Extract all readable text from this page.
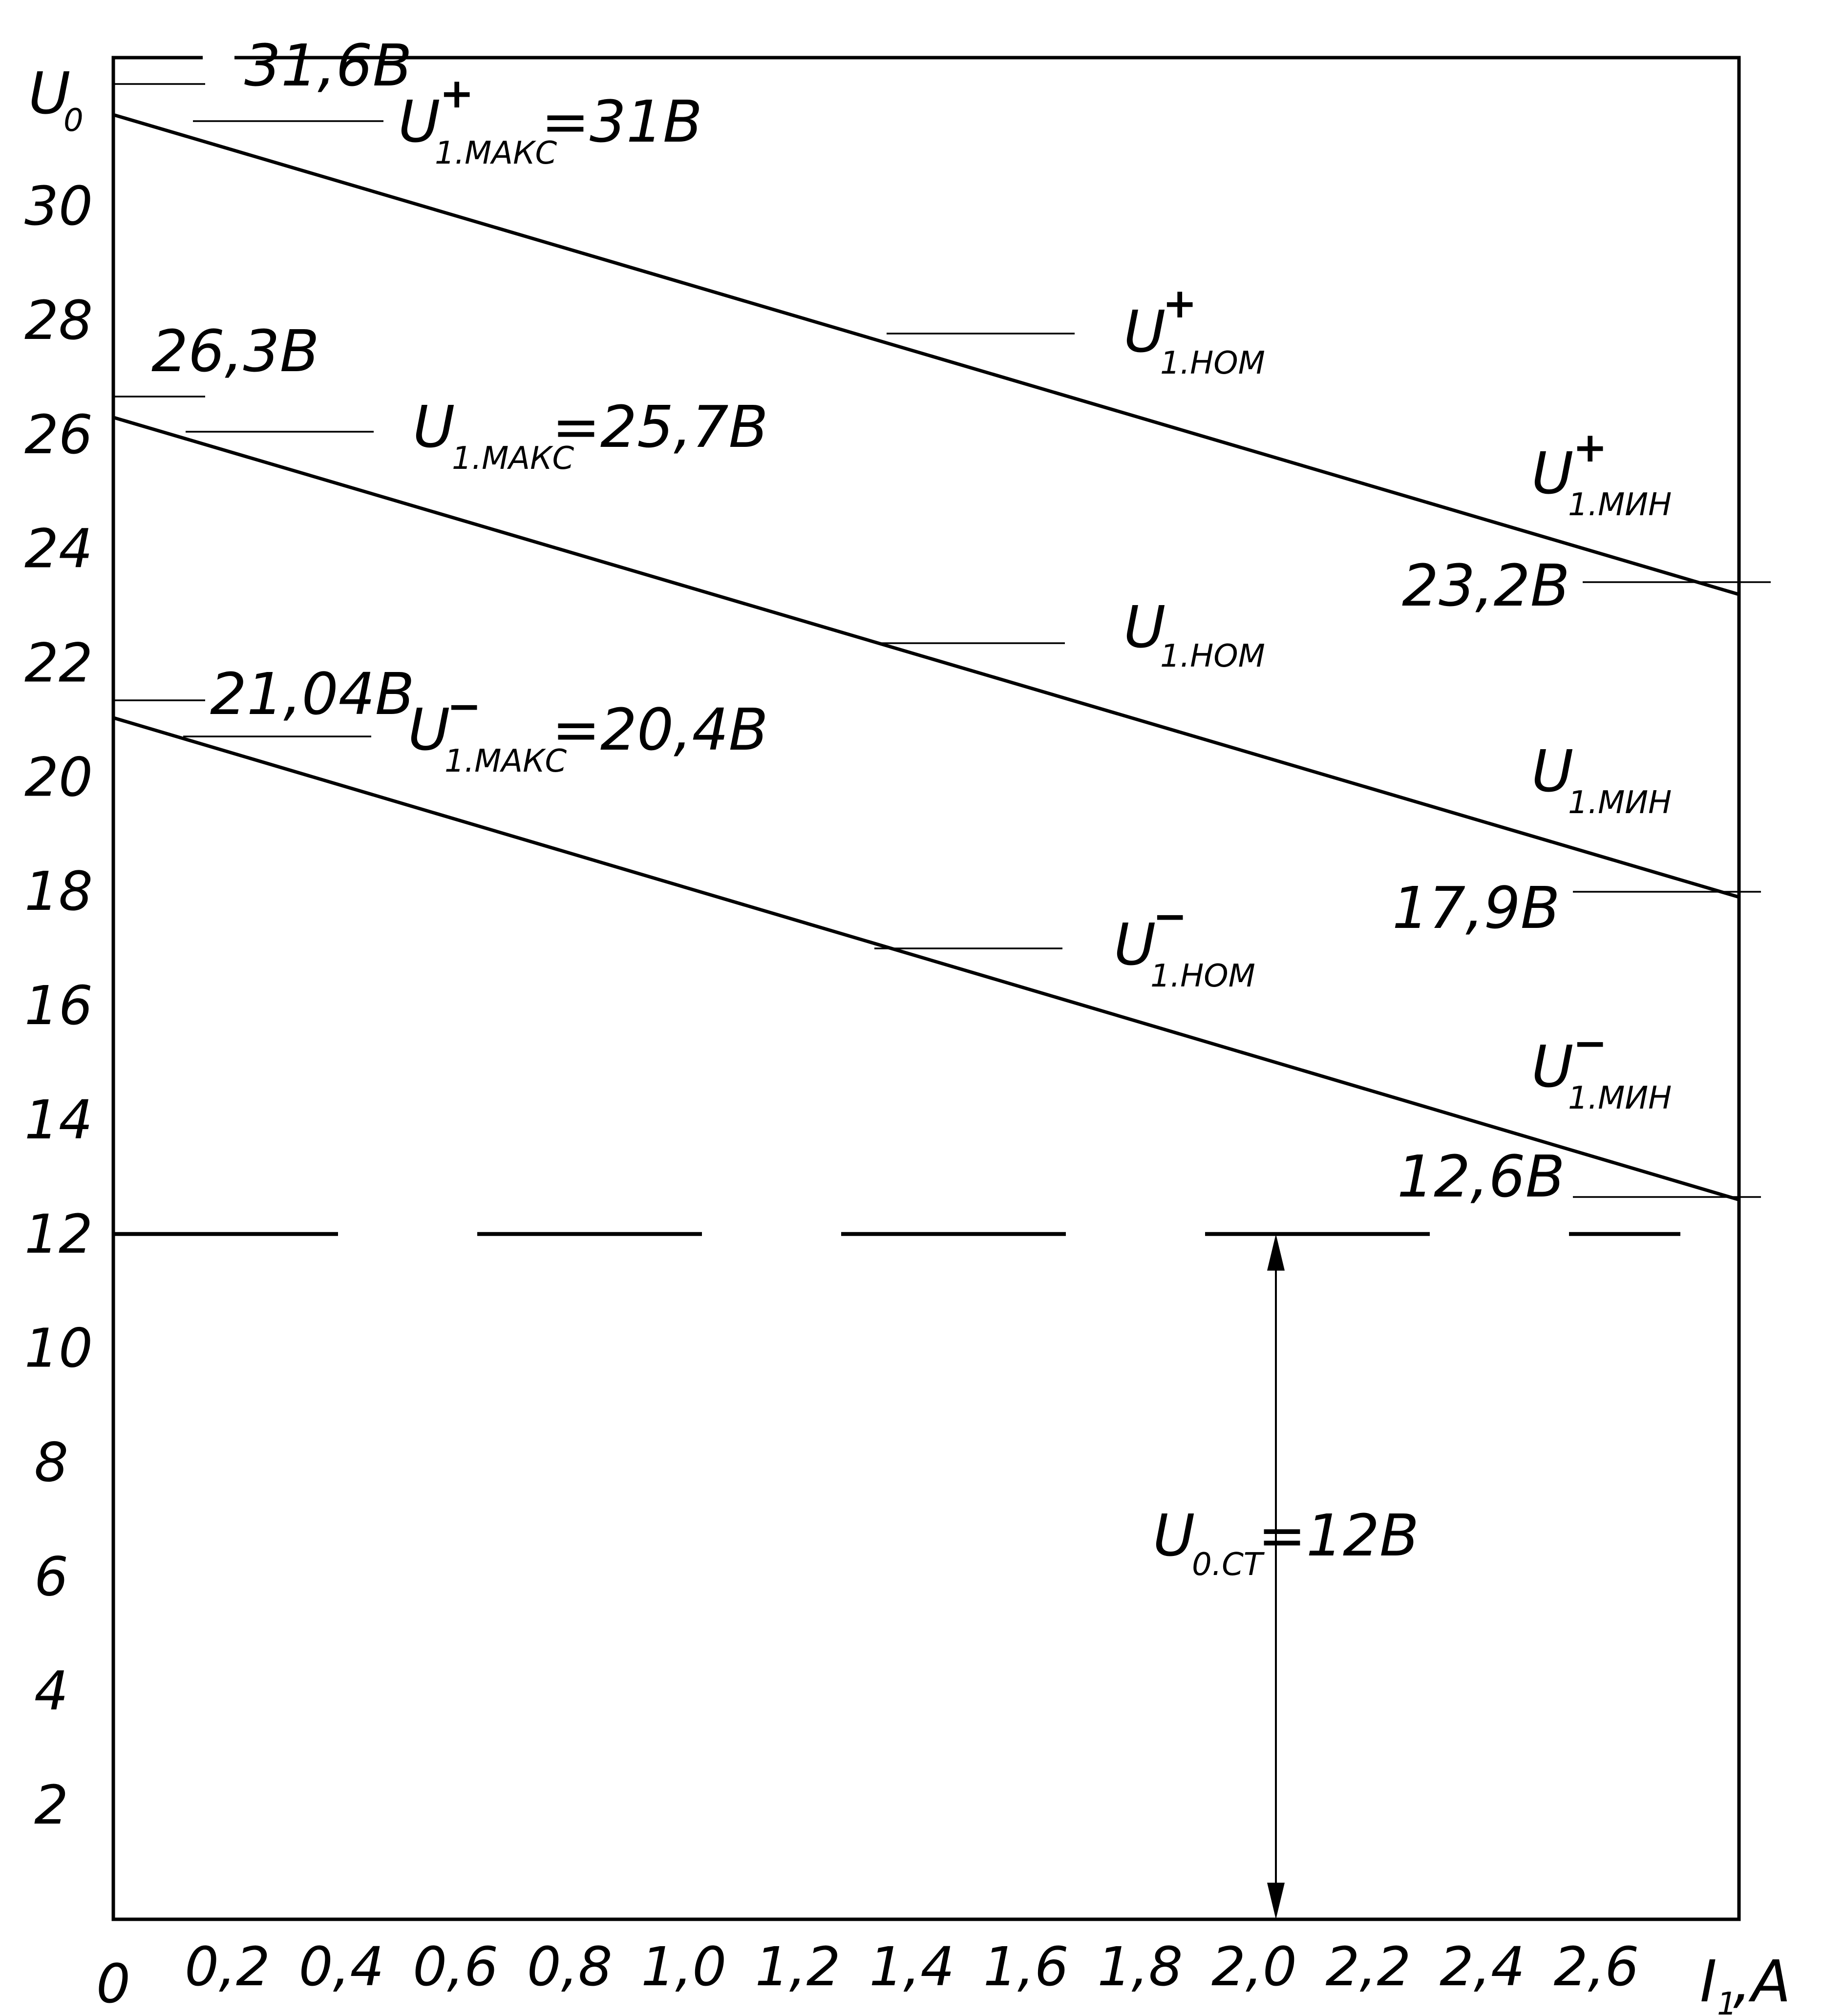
U
0
30
28
26
24
22
20
18
16
14
12
10
8
6
4
2
0 0,2 0,4 0,6 0,8 1,0 1,2 1,4 1,6 1,8 2,0 2,2 2,4 2,6 I 1
,A
31,6В
26,3В
21,04В
23,2В
17,9В
12,6В
U
+
1.МАКС
=31В
U
1.МАКС
=25,7В
U
−
1.МАКС
=20,4В
U
+
1.НОМ
U
1.НОМ
U
−
1.НОМ
U
+
1.МИН
U
1.МИН
U
−
1.МИН
U
0.СТ
=12В
